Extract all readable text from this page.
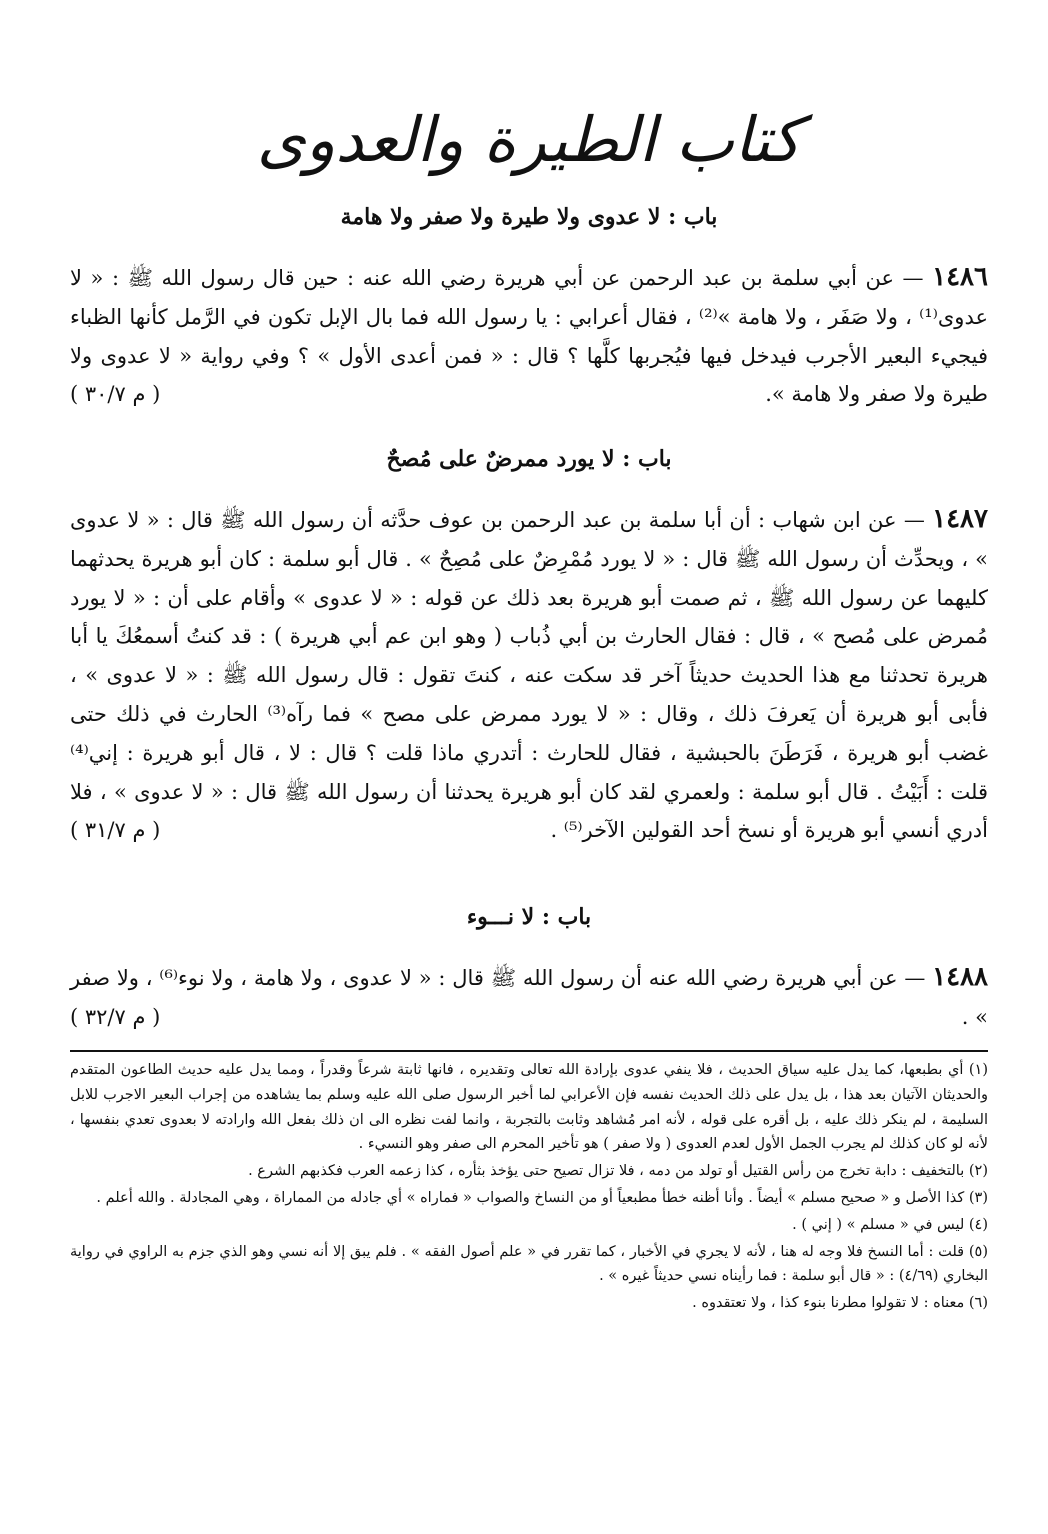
كتاب الطيرة والعدوى
باب : لا عدوى ولا طيرة ولا صفر ولا هامة
١٤٨٦ — عن أبي سلمة بن عبد الرحمن عن أبي هريرة رضي الله عنه : حين قال رسول الله ﷺ : « لا عدوى⁽¹⁾ ، ولا صَفَر ، ولا هامة »⁽²⁾ ، فقال أعرابي : يا رسول الله فما بال الإبل تكون في الرَّمل كأنها الظباء فيجيء البعير الأجرب فيدخل فيها فيُجربها كلَّها ؟ قال : « فمن أعدى الأول » ؟ وفي رواية « لا عدوى ولا طيرة ولا صفر ولا هامة ».
( م ٣٠/٧ )
باب : لا يورد ممرضٌ على مُصحٌ
١٤٨٧ — عن ابن شهاب : أن أبا سلمة بن عبد الرحمن بن عوف حدَّثه أن رسول الله ﷺ قال : « لا عدوى » ، ويحدِّث أن رسول الله ﷺ قال : « لا يورد مُمْرِضٌ على مُصِحٌ » . قال أبو سلمة : كان أبو هريرة يحدثهما كليهما عن رسول الله ﷺ ، ثم صمت أبو هريرة بعد ذلك عن قوله : « لا عدوى » وأقام على أن : « لا يورد مُمرض على مُصح » ، قال : فقال الحارث بن أبي ذُباب ( وهو ابن عم أبي هريرة ) : قد كنتُ أسمعُكَ يا أبا هريرة تحدثنا مع هذا الحديث حديثاً آخر قد سكت عنه ، كنتَ تقول : قال رسول الله ﷺ : « لا عدوى » ، فأبى أبو هريرة أن يَعرفَ ذلك ، وقال : « لا يورد ممرض على مصح » فما رآه⁽³⁾ الحارث في ذلك حتى غضب أبو هريرة ، فَرَطَنَ بالحبشية ، فقال للحارث : أتدري ماذا قلت ؟ قال : لا ، قال أبو هريرة : إني⁽⁴⁾ قلت : أَبَيْتُ . قال أبو سلمة : ولعمري لقد كان أبو هريرة يحدثنا أن رسول الله ﷺ قال : « لا عدوى » ، فلا أدري أنسي أبو هريرة أو نسخ أحد القولين الآخر⁽⁵⁾ .
( م ٣١/٧ )
باب : لا نـــوء
١٤٨٨ — عن أبي هريرة رضي الله عنه أن رسول الله ﷺ قال : « لا عدوى ، ولا هامة ، ولا نوء⁽⁶⁾ ، ولا صفر » .
( م ٣٢/٧ )

(١) أي بطبعها، كما يدل عليه سياق الحديث ، فلا ينفي عدوى بإرادة الله تعالى وتقديره ، فانها ثابتة شرعاً وقدراً ، ومما يدل عليه حديث الطاعون المتقدم والحديثان الآتيان بعد هذا ، بل يدل على ذلك الحديث نفسه فإن الأعرابي لما أخبر الرسول صلى الله عليه وسلم بما يشاهده من إجراب البعير الاجرب للابل السليمة ، لم ينكر ذلك عليه ، بل أقره على قوله ، لأنه امر مُشاهد وثابت بالتجربة ، وانما لفت نظره الى ان ذلك بفعل الله وارادته لا بعدوى تعدي بنفسها ، لأنه لو كان كذلك لم يجرب الجمل الأول لعدم العدوى ( ولا صفر ) هو تأخير المحرم الى صفر وهو النسيء .

(٢) بالتخفيف : دابة تخرج من رأس القتيل أو تولد من دمه ، فلا تزال تصيح حتى يؤخذ بثأره ، كذا زعمه العرب فكذبهم الشرع .

(٣) كذا الأصل و « صحيح مسلم » أيضاً . وأنا أظنه خطأ مطبعياً أو من النساخ والصواب « فماراه » أي جادله من المماراة ، وهي المجادلة . والله أعلم .

(٤) ليس في « مسلم » ( إني ) .

(٥) قلت : أما النسخ فلا وجه له هنا ، لأنه لا يجري في الأخبار ، كما تقرر في « علم أصول الفقه » . فلم يبق إلا أنه نسي وهو الذي جزم به الراوي في رواية البخاري (٤/٦٩) : « قال أبو سلمة : فما رأيناه نسي حديثاً غيره » .

(٦) معناه : لا تقولوا مطرنا بنوء كذا ، ولا تعتقدوه .
